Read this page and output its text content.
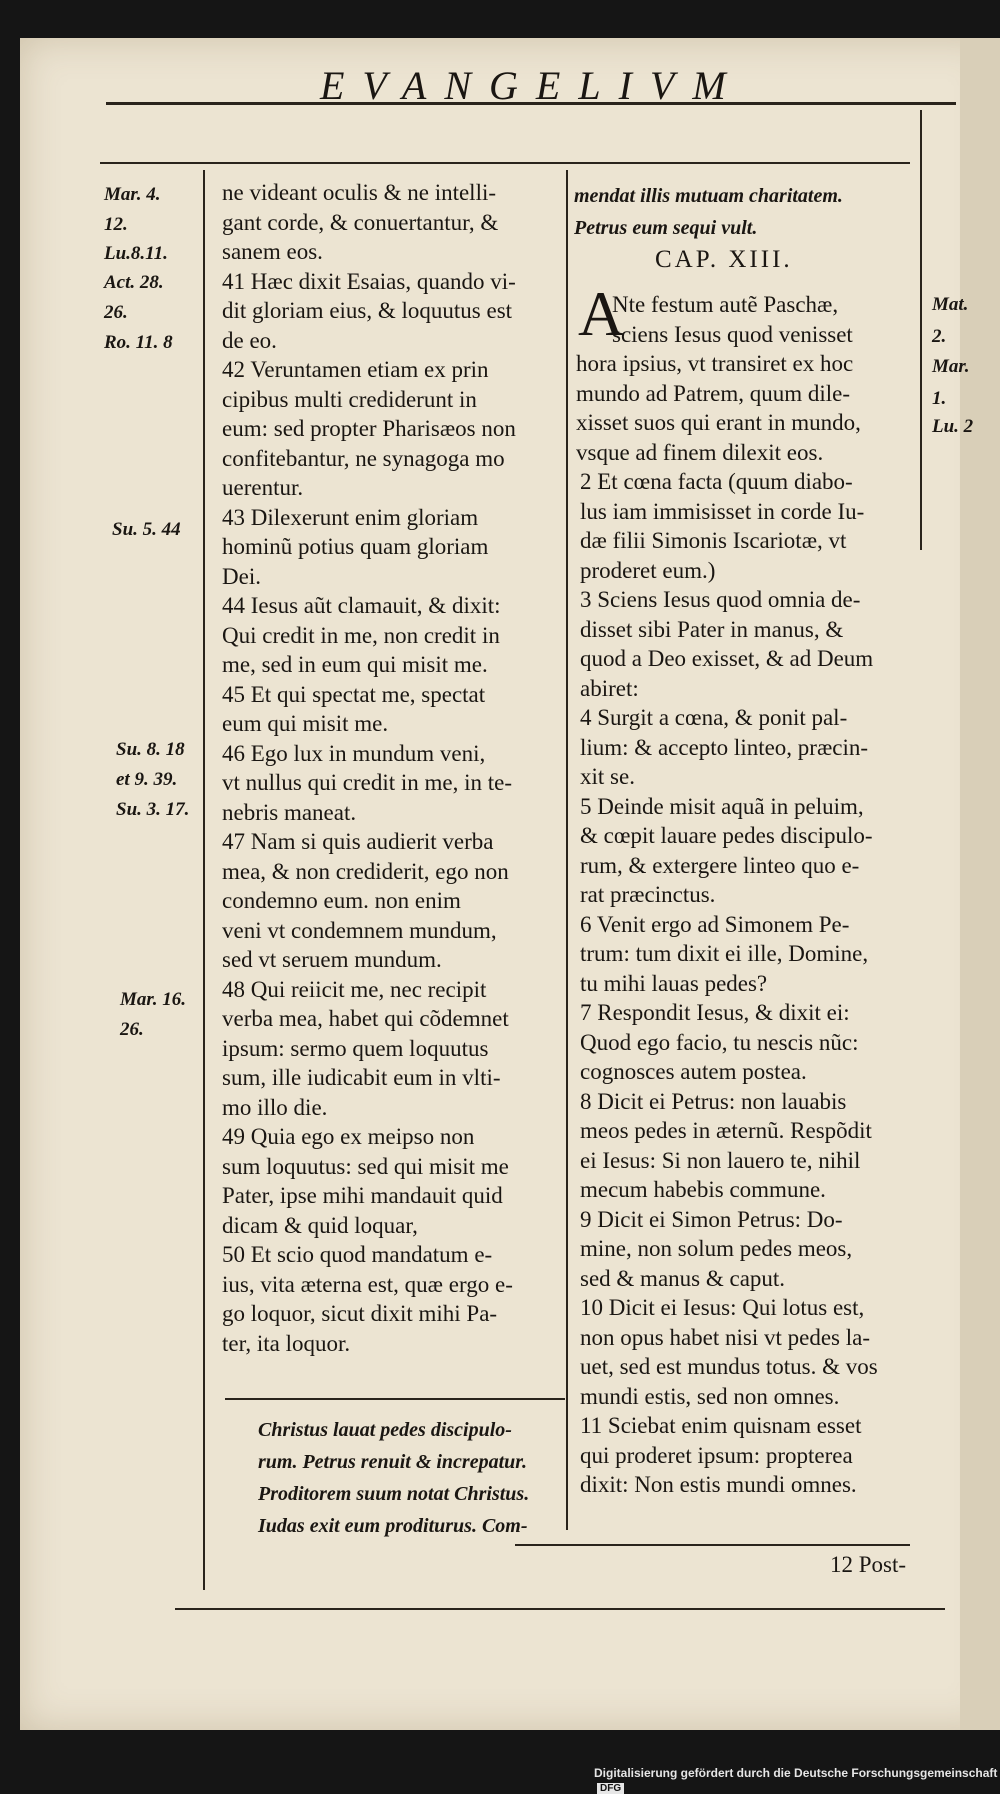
EVANGELIVM
Mar. 4.
12.
Lu.8.11.
Act. 28.
26.
Ro. 11. 8
Su. 5. 44
Su. 8. 18
et 9. 39.
Su. 3. 17.
Mar. 16.
26.
Mat.
2.
Mar.
1.
Lu. 2
ne videant oculis & ne intelli-
gant corde, & conuertantur, &
sanem eos.
41 Hæc dixit Esaias, quando vi-
dit gloriam eius, & loquutus est
de eo.
42 Veruntamen etiam ex prin
cipibus multi crediderunt in
eum: sed propter Pharisæos non
confitebantur, ne synagoga mo
uerentur.
43 Dilexerunt enim gloriam
hominũ potius quam gloriam
Dei.
44 Iesus aũt clamauit, & dixit:
Qui credit in me, non credit in
me, sed in eum qui misit me.
45 Et qui spectat me, spectat
eum qui misit me.
46 Ego lux in mundum veni,
vt nullus qui credit in me, in te-
nebris maneat.
47 Nam si quis audierit verba
mea, & non crediderit, ego non
condemno eum. non enim
veni vt condemnem mundum,
sed vt seruem mundum.
48 Qui reiicit me, nec recipit
verba mea, habet qui cõdemnet
ipsum: sermo quem loquutus
sum, ille iudicabit eum in vlti-
mo illo die.
49 Quia ego ex meipso non
sum loquutus: sed qui misit me
Pater, ipse mihi mandauit quid
dicam & quid loquar,
50 Et scio quod mandatum e-
ius, vita æterna est, quæ ergo e-
go loquor, sicut dixit mihi Pa-
ter, ita loquor.
Christus lauat pedes discipulo-
rum. Petrus renuit & increpatur.
Proditorem suum notat Christus.
Iudas exit eum proditurus. Com-
mendat illis mutuam charitatem.
Petrus eum sequi vult.
CAP. XIII.
A
Nte festum autẽ Paschæ,
sciens Iesus quod venisset
hora ipsius, vt transiret ex hoc
mundo ad Patrem, quum dile-
xisset suos qui erant in mundo,
vsque ad finem dilexit eos.
2 Et cœna facta (quum diabo-
lus iam immisisset in corde Iu-
dæ filii Simonis Iscariotæ, vt
proderet eum.)
3 Sciens Iesus quod omnia de-
disset sibi Pater in manus, &
quod a Deo exisset, & ad Deum
abiret:
4 Surgit a cœna, & ponit pal-
lium: & accepto linteo, præcin-
xit se.
5 Deinde misit aquã in peluim,
& cœpit lauare pedes discipulo-
rum, & extergere linteo quo e-
rat præcinctus.
6 Venit ergo ad Simonem Pe-
trum: tum dixit ei ille, Domine,
tu mihi lauas pedes?
7 Respondit Iesus, & dixit ei:
Quod ego facio, tu nescis nũc:
cognosces autem postea.
8 Dicit ei Petrus: non lauabis
meos pedes in æternũ. Respõdit
ei Iesus: Si non lauero te, nihil
mecum habebis commune.
9 Dicit ei Simon Petrus: Do-
mine, non solum pedes meos,
sed & manus & caput.
10 Dicit ei Iesus: Qui lotus est,
non opus habet nisi vt pedes la-
uet, sed est mundus totus. & vos
mundi estis, sed non omnes.
11 Sciebat enim quisnam esset
qui proderet ipsum: propterea
dixit: Non estis mundi omnes.
12 Post-
Digitalisierung gefördert durch die Deutsche ForschungsgemeinschaftDFG
